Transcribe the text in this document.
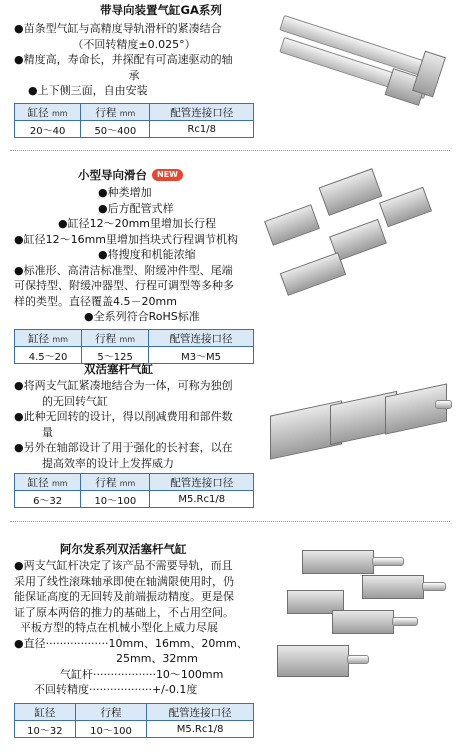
带导向装置气缸GA系列
●苗条型气缸与高精度导轨滑杆的紧凑结合
（不回转精度±0.025°）
●精度高，寿命长，并探配有可高速驱动的轴
承
●上下侧三面，自由安装
缸径 mm	行程 mm	配管连接口径
20～40	50～400	Rc1/8
小型导向滑台 NEW
●种类增加
●后方配管式样
●缸径12～20mm里增加长行程
●缸径12～16mm里增加挡块式行程调节机构
●将搜度和机能浓缩
●标准形、高清洁标准型、附缓冲件型、尾端
可保持型、附缓冲器型、行程可调型等多种多
样的类型。直径覆盖4.5－20mm
●全系列符合RoHS标准
缸径 mm	行程 mm	配管连接口径
4.5～20	5～125	M3～M5
双活塞杆气缸
●将两支气缸紧凑地结合为一体，可称为独创
的无回转气缸
●此种无回转的设计，得以削减费用和部件数
量
●另外在轴部设计了用于强化的长衬套，以在
提高效率的设计上发挥威力
缸径 mm	行程 mm	配管连接口径
6～32	10～100	M5.Rc1/8
阿尔发系列双活塞杆气缸
●两支气缸杆决定了该产品不需要导轨，而且
采用了线性滚珠轴承即使在轴满限使用时，仍
能保证高度的无回转及前端振动精度。更是保
证了原本两倍的推力的基础上，不占用空间。
平板方型的特点在机械小型化上威力尽展
●直径··················10mm、16mm、20mm、
25mm、32mm
气缸杆··················10～100mm
不回转精度··················+/-0.1度
缸径	行程	配管连接口径
10～32	10～100	M5.Rc1/8
